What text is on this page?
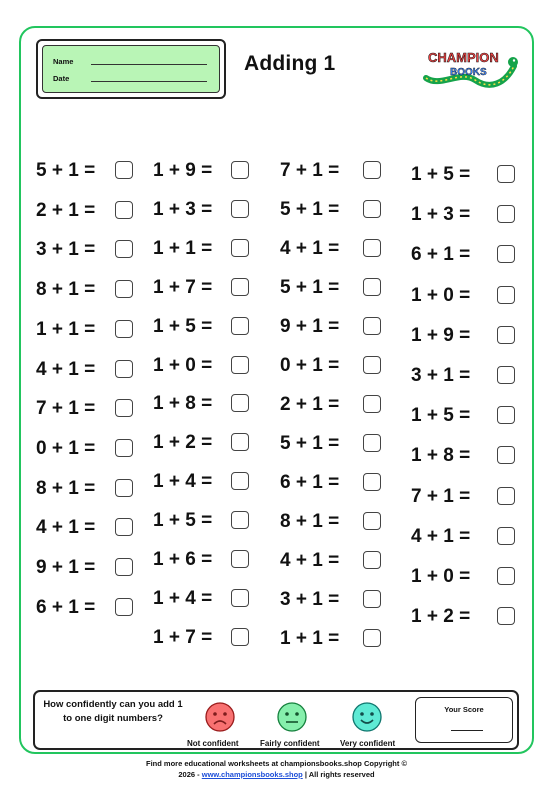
Name
Date
Adding 1	CHAMPION
BOOKS
5 + 1 =
2 + 1 =
3 + 1 =
8 + 1 =
1 + 1 =
4 + 1 =
7 + 1 =
0 + 1 =
8 + 1 =
4 + 1 =
9 + 1 =
6 + 1 =
1 + 9 =
1 + 3 =
1 + 1 =
1 + 7 =
1 + 5 =
1 + 0 =
1 + 8 =
1 + 2 =
1 + 4 =
1 + 5 =
1 + 6 =
1 + 4 =
1 + 7 =
7 + 1 =
5 + 1 =
4 + 1 =
5 + 1 =
9 + 1 =
0 + 1 =
2 + 1 =
5 + 1 =
6 + 1 =
8 + 1 =
4 + 1 =
3 + 1 =
1 + 1 =
1 + 5 =
1 + 3 =
6 + 1 =
1 + 0 =
1 + 9 =
3 + 1 =
1 + 5 =
1 + 8 =
7 + 1 =
4 + 1 =
1 + 0 =
1 + 2 =
How confidently can you add 1 to one digit numbers?
Not confident	Fairly confident	Very confident
Your Score
Find more educational worksheets at championsbooks.shop Copyright ©
2026 - www.championsbooks.shop | All rights reserved
